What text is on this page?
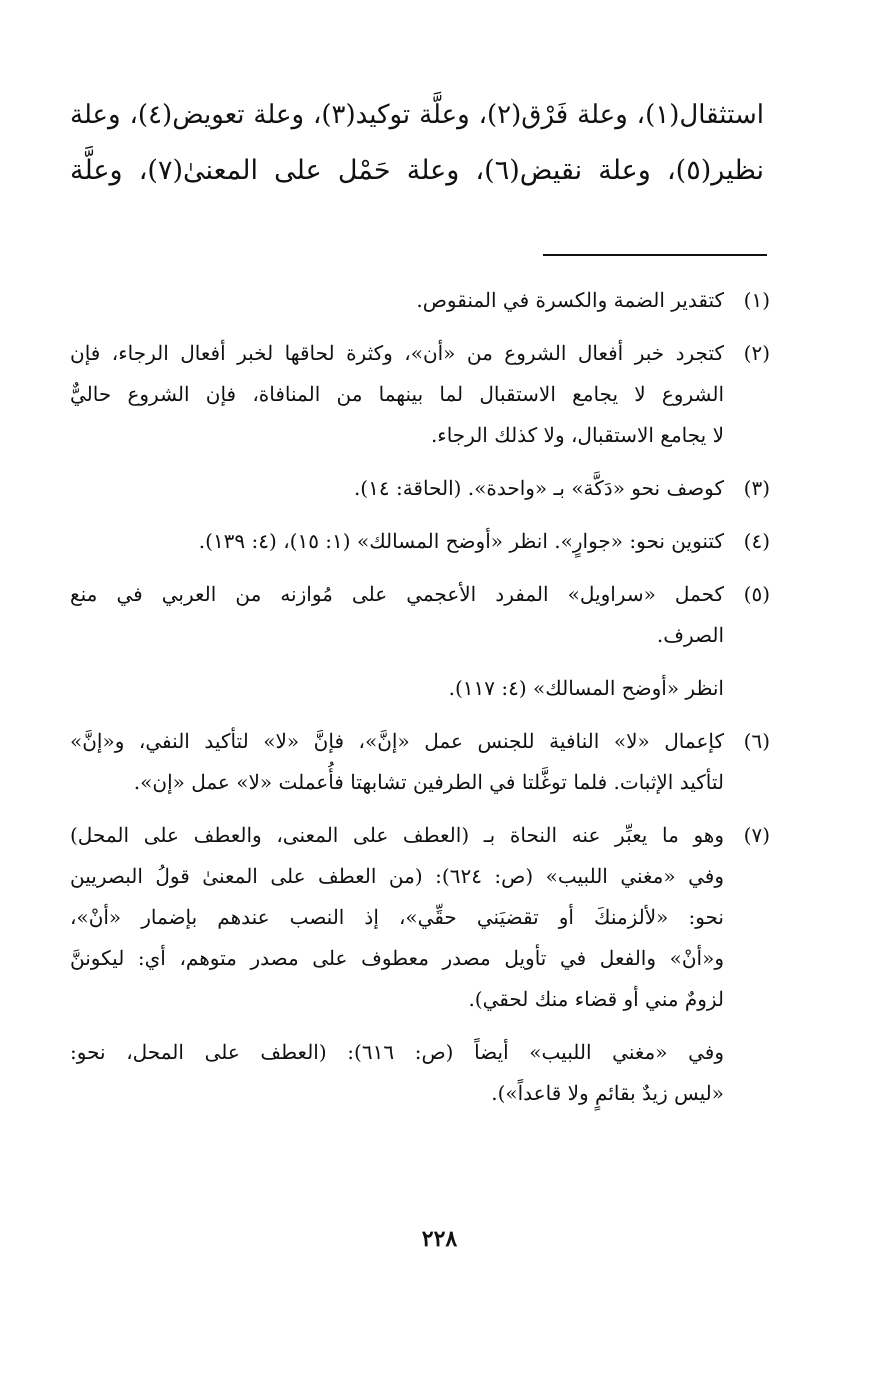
استثقال(١)، وعلة فَرْق(٢)، وعلَّة توكيد(٣)، وعلة تعويض(٤)، وعلة
نظير(٥)، وعلة نقيض(٦)، وعلة حَمْل على المعنىٰ(٧)، وعلَّة
(١)
كتقدير الضمة والكسرة في المنقوص.
(٢)
كتجرد خبر أفعال الشروع من «أن»، وكثرة لحاقها لخبر أفعال الرجاء، فإن
الشروع لا يجامع الاستقبال لما بينهما من المنافاة، فإن الشروع حاليٌّ
لا يجامع الاستقبال، ولا كذلك الرجاء.
(٣)
كوصف نحو «دَكَّة» بـ «واحدة». (الحاقة: ١٤).
(٤)
كتنوين نحو: «جوارٍ». انظر «أوضح المسالك» (١: ١٥)، (٤: ١٣٩).
(٥)
كحمل «سراويل» المفرد الأعجمي على مُوازنه من العربي في منع
الصرف.
انظر «أوضح المسالك» (٤: ١١٧).
(٦)
كإعمال «لا» النافية للجنس عمل «إنَّ»، فإنَّ «لا» لتأكيد النفي، و«إنَّ»
لتأكيد الإثبات. فلما توغَّلتا في الطرفين تشابهتا فأُعملت «لا» عمل «إن».
(٧)
وهو ما يعبِّر عنه النحاة بـ (العطف على المعنى، والعطف على المحل)
وفي «مغني اللبيب» (ص: ٦٢٤): (من العطف على المعنىٰ قولُ البصريين
نحو: «لألزمنكَ أو تقضيَني حقِّي»، إذ النصب عندهم بإضمار «أنْ»،
و«أنْ» والفعل في تأويل مصدر معطوف على مصدر متوهم، أي: ليكوننَّ
لزومٌ مني أو قضاء منك لحقي).
وفي «مغني اللبيب» أيضاً (ص: ٦١٦): (العطف على المحل، نحو:
«ليس زيدٌ بقائمٍ ولا قاعداً»).
٢٢٨
